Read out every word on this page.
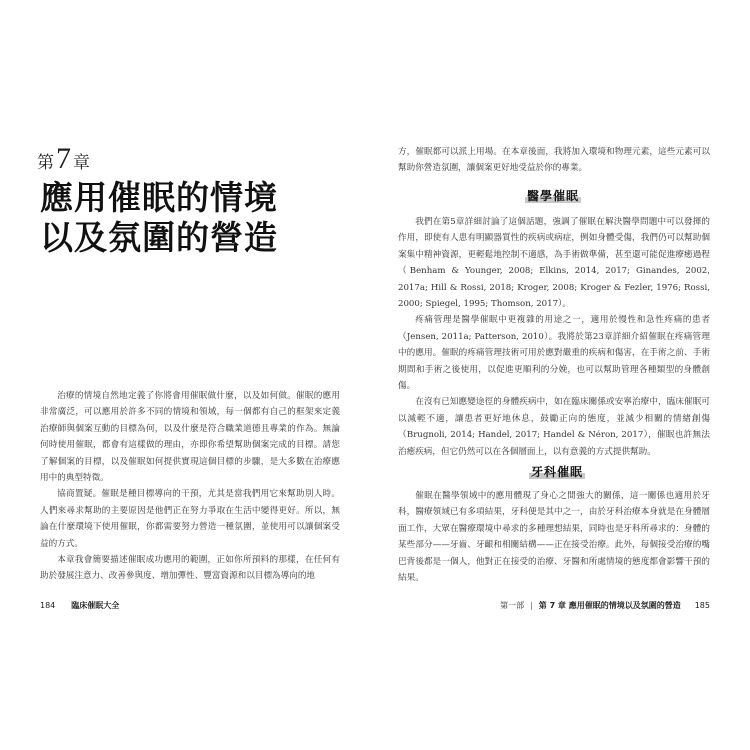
第 7 章
應用催眠的情境
以及氛圍的營造

治療的情境自然地定義了你將會用催眠做什麼，以及如何做。催眠的應用非常廣泛，可以應用於許多不同的情境和領域，每一個都有自己的框架來定義治療師與個案互動的目標為何，以及什麼是符合職業道德且專業的作為。無論何時使用催眠，都會有這樣做的理由，亦即你希望幫助個案完成的目標。請您了解個案的目標，以及催眠如何提供實現這個目標的步驟，是大多數在治療應用中的典型特徵。

協商置疑。催眠是種目標導向的干預，尤其是當我們用它來幫助別人時。人們來尋求幫助的主要原因是他們正在努力爭取在生活中變得更好。所以，無論在什麼環境下使用催眠，你都需要努力營造一種氛圍，並使用可以讓個案受益的方式。

本章我會簡要描述催眠成功應用的範圍，正如你所預料的那樣，在任何有助於發展注意力、改善參與度、增加彈性、豐富資源和以目標為導向的地

184 臨床催眠大全

方，催眠都可以派上用場。在本章後面，我將加入環境和物理元素，這些元素可以幫助你營造氛圍，讓個案更好地受益於你的專業。

醫學催眠

我們在第5章詳細討論了這個話題，強調了催眠在解決醫學問題中可以發揮的作用，即使有人患有明顯器質性的疾病或病症，例如身體受傷，我們仍可以幫助個案集中精神資源，更輕鬆地控制不適感，為手術做準備，甚至還可能促進療癒過程（Benham & Younger, 2008; Elkins, 2014, 2017; Ginandes, 2002, 2017a; Hill & Rossi, 2018; Kroger, 2008; Kroger & Fezler, 1976; Rossi, 2000; Spiegel, 1995; Thomson, 2017）。

疼痛管理是醫學催眠中更複雜的用途之一，適用於慢性和急性疼痛的患者（Jensen, 2011a; Patterson, 2010）。我將於第23章詳細介紹催眠在疼痛管理中的應用。催眠的疼痛管理技術可用於應對嚴重的疾病和傷害，在手術之前、手術期間和手術之後使用，以促進更順利的分娩，也可以幫助管理各種類型的身體創傷。

在沒有已知應變途徑的身體疾病中，如在臨床關係或安寧治療中，臨床催眠可以減輕不適，讓患者更好地休息，鼓勵正向的態度，並減少相關的情緒創傷（Brugnoli, 2014; Handel, 2017; Handel & Néron, 2017），催眠也許無法治癒疾病，但它仍然可以在各個層面上，以有意義的方式提供幫助。

牙科催眠

催眠在醫學領域中的應用體現了身心之間強大的關係，這一關係也適用於牙科，醫療領域已有多項結果，牙科便是其中之一，由於牙科治療本身就是在身體層面工作，大眾在醫療環境中尋求的多種理想結果，同時也是牙科所尋求的：身體的某些部分——牙齒、牙齦和相關結構——正在接受治療。此外，每個接受治療的嘴巴背後都是一個人，他對正在接受的治療、牙醫和所處情境的態度都會影響干預的結果。

第一部 | 第 7 章 應用催眠的情境以及氛圍的營造 185
